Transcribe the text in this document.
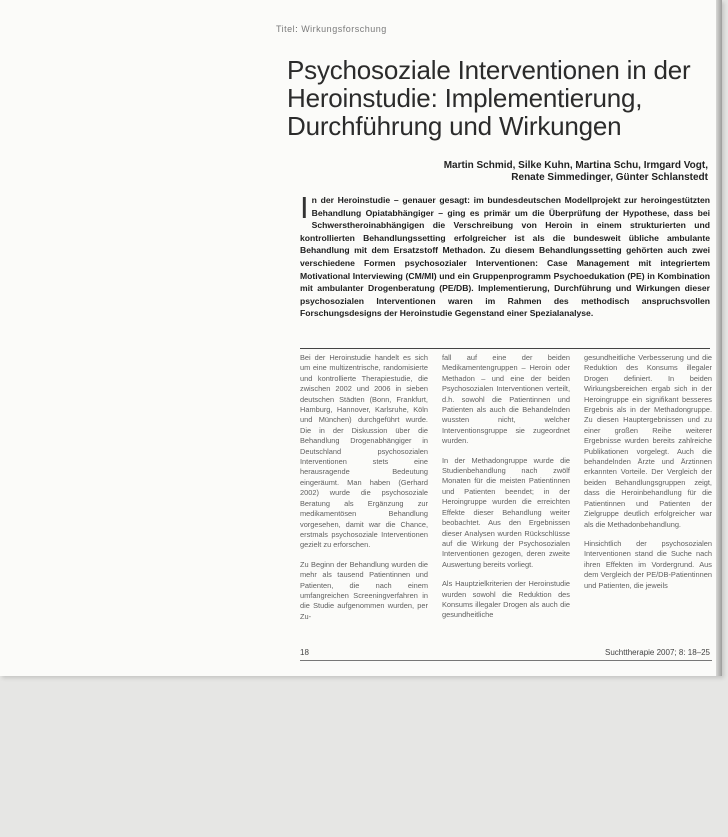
Titel: Wirkungsforschung
Psychosoziale Interventionen in der Heroinstudie: Implementierung, Durchführung und Wirkungen
Martin Schmid, Silke Kuhn, Martina Schu, Irmgard Vogt,
Renate Simmedinger, Günter Schlanstedt
In der Heroinstudie – genauer gesagt: im bundesdeutschen Modellprojekt zur heroingestützten Behandlung Opiatabhängiger – ging es primär um die Überprüfung der Hypothese, dass bei Schwerstheroinabhängigen die Verschreibung von Heroin in einem strukturierten und kontrollierten Behandlungssetting erfolgreicher ist als die bundesweit übliche ambulante Behandlung mit dem Ersatzstoff Methadon. Zu diesem Behandlungssetting gehörten auch zwei verschiedene Formen psychosozialer Interventionen: Case Management mit integriertem Motivational Interviewing (CM/MI) und ein Gruppenprogramm Psychoedukation (PE) in Kombination mit ambulanter Drogenberatung (PE/DB). Implementierung, Durchführung und Wirkungen dieser psychosozialen Interventionen waren im Rahmen des methodisch anspruchsvollen Forschungsdesigns der Heroinstudie Gegenstand einer Spezialanalyse.

Bei der Heroinstudie handelt es sich um eine multizentrische, randomisierte und kontrollierte Therapiestudie, die zwischen 2002 und 2006 in sieben deutschen Städten (Bonn, Frankfurt, Hamburg, Hannover, Karlsruhe, Köln und München) durchgeführt wurde. Die in der Diskussion über die Behandlung Drogenabhängiger in Deutschland psychosozialen Interventionen stets eine herausragende Bedeutung eingeräumt. Man haben (Gerhard 2002) wurde die psychosoziale Beratung als Ergänzung zur medikamentösen Behandlung vorgesehen, damit war die Chance, erstmals psychosoziale Interventionen gezielt zu erforschen.

Zu Beginn der Behandlung wurden die mehr als tausend Patientinnen und Patienten, die nach einem umfangreichen Screeningverfahren in die Studie aufgenommen wurden, per Zu-

fall auf eine der beiden Medikamentengruppen – Heroin oder Methadon – und eine der beiden Psychosozialen Interventionen verteilt, d.h. sowohl die Patientinnen und Patienten als auch die Behandelnden wussten nicht, welcher Interventionsgruppe sie zugeordnet wurden.

In der Methadongruppe wurde die Studienbehandlung nach zwölf Monaten für die meisten Patientinnen und Patienten beendet; in der Heroingruppe wurden die erreichten Effekte dieser Behandlung weiter beobachtet. Aus den Ergebnissen dieser Analysen wurden Rückschlüsse auf die Wirkung der Psychosozialen Interventionen gezogen, deren zweite Auswertung bereits vorliegt.

Als Hauptzielkriterien der Heroinstudie wurden sowohl die Reduktion des Konsums illegaler Drogen als auch die gesundheitliche

gesundheitliche Verbesserung und die Reduktion des Konsums illegaler Drogen definiert. In beiden Wirkungsbereichen ergab sich in der Heroingruppe ein signifikant besseres Ergebnis als in der Methadongruppe. Zu diesen Hauptergebnissen und zu einer großen Reihe weiterer Ergebnisse wurden bereits zahlreiche Publikationen vorgelegt. Auch die behandelnden Ärzte und Ärztinnen erkannten Vorteile. Der Vergleich der beiden Behandlungsgruppen zeigt, dass die Heroinbehandlung für die Patientinnen und Patienten der Zielgruppe deutlich erfolgreicher war als die Methadonbehandlung.

Hinsichtlich der psychosozialen Interventionen stand die Suche nach ihren Effekten im Vordergrund. Aus dem Vergleich der PE/DB-Patientinnen und Patienten, die jeweils

18	Suchttherapie 2007; 8: 18–25
